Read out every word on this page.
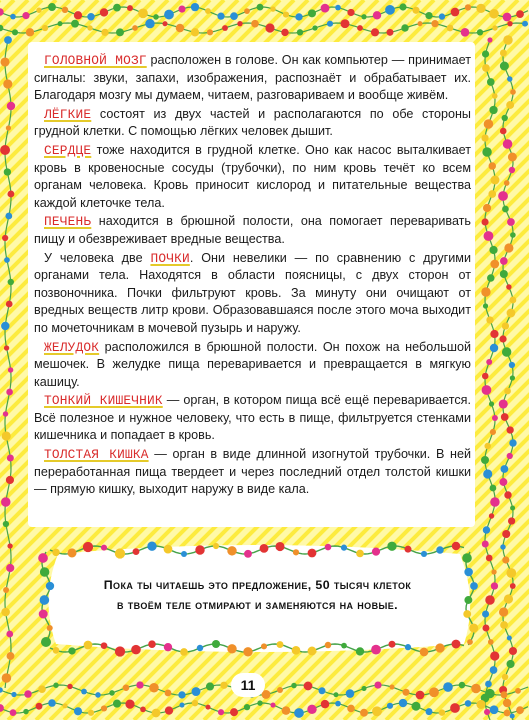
ГОЛОВНОЙ МОЗГ расположен в голове. Он как компьютер — принимает сигналы: звуки, запахи, изображения, распознаёт и обрабатывает их. Благодаря мозгу мы думаем, читаем, разговариваем и вообще живём.

ЛЁГКИЕ состоят из двух частей и располагаются по обе стороны грудной клетки. С помощью лёгких человек дышит.

СЕРДЦЕ тоже находится в грудной клетке. Оно как насос выталкивает кровь в кровеносные сосуды (трубочки), по ним кровь течёт ко всем органам человека. Кровь приносит кислород и питательные вещества каждой клеточке тела.

ПЕЧЕНЬ находится в брюшной полости, она помогает переваривать пищу и обезвреживает вредные вещества.

У человека две ПОЧКИ. Они невелики — по сравнению с другими органами тела. Находятся в области поясницы, с двух сторон от позвоночника. Почки фильтруют кровь. За минуту они очищают от вредных веществ литр крови. Образовавшаяся после этого моча выходит по мочеточникам в мочевой пузырь и наружу.

ЖЕЛУДОК расположился в брюшной полости. Он похож на небольшой мешочек. В желудке пища переваривается и превращается в мягкую кашицу.

ТОНКИЙ КИШЕЧНИК — орган, в котором пища всё ещё переваривается. Всё полезное и нужное человеку, что есть в пище, фильтруется стенками кишечника и попадает в кровь.

ТОЛСТАЯ КИШКА — орган в виде длинной изогнутой трубочки. В ней переработанная пища твердеет и через последний отдел толстой кишки — прямую кишку, выходит наружу в виде кала.

Пока ты читаешь это предложение, 50 тысяч клеток
в твоём теле отмирают и заменяются на новые.
11
